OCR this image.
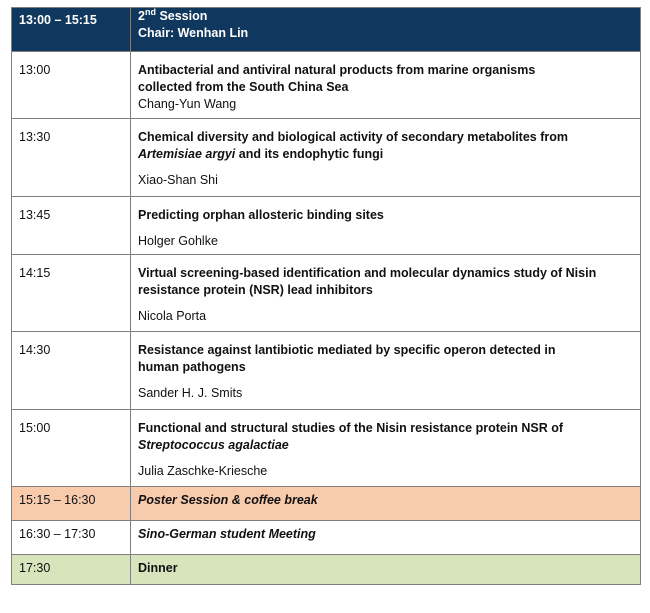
13:00 – 15:15	2nd Session
Chair: Wenhan Lin

13:00	Antibacterial and antiviral natural products from marine organisms
collected from the South China Sea
Chang-Yun Wang

13:30	Chemical diversity and biological activity of secondary metabolites from
Artemisiae argyi and its endophytic fungi
Xiao-Shan Shi

13:45	Predicting orphan allosteric binding sites
Holger Gohlke

14:15	Virtual screening-based identification and molecular dynamics study of Nisin
resistance protein (NSR) lead inhibitors
Nicola Porta

14:30	Resistance against lantibiotic mediated by specific operon detected in
human pathogens
Sander H. J. Smits

15:00	Functional and structural studies of the Nisin resistance protein NSR of
Streptococcus agalactiae
Julia Zaschke-Kriesche

15:15 – 16:30	Poster Session & coffee break
16:30 – 17:30	Sino-German student Meeting
17:30	Dinner
